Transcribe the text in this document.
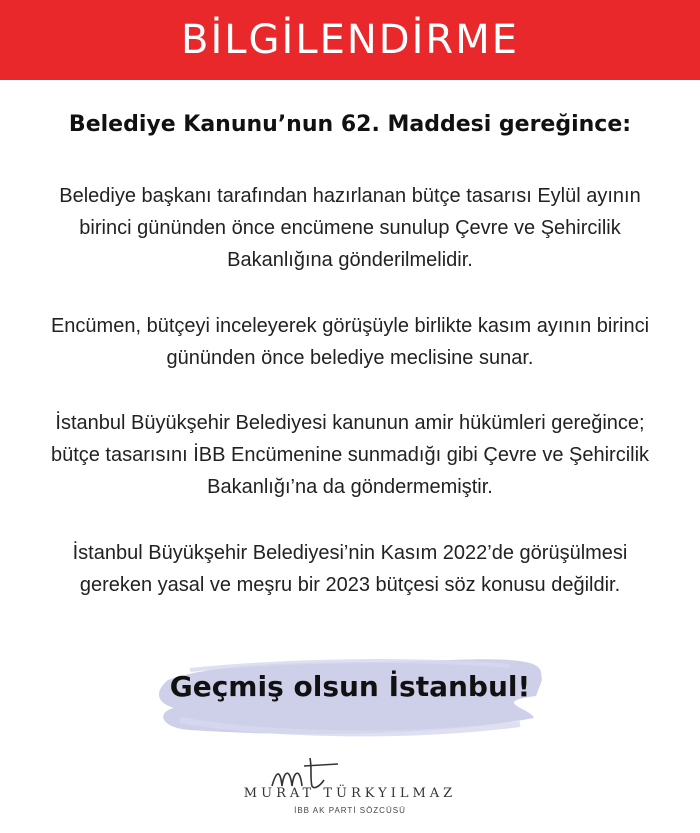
BİLGİLENDİRME
Belediye Kanunu’nun 62. Maddesi gereğince:
Belediye başkanı tarafından hazırlanan bütçe tasarısı Eylül ayının birinci gününden önce encümene sunulup Çevre ve Şehircilik Bakanlığına gönderilmelidir.
Encümen, bütçeyi inceleyerek görüşüyle birlikte kasım ayının birinci gününden önce belediye meclisine sunar.
İstanbul Büyükşehir Belediyesi kanunun amir hükümleri gereğince; bütçe tasarısını İBB Encümenine sunmadığı gibi Çevre ve Şehircilik Bakanlığı’na da göndermemiştir.
İstanbul Büyükşehir Belediyesi’nin Kasım 2022’de görüşülmesi gereken yasal ve meşru bir 2023 bütçesi söz konusu değildir.
Geçmiş olsun İstanbul!
MURAT TÜRKYILMAZ
İBB AK PARTİ SÖZCÜSÜ
